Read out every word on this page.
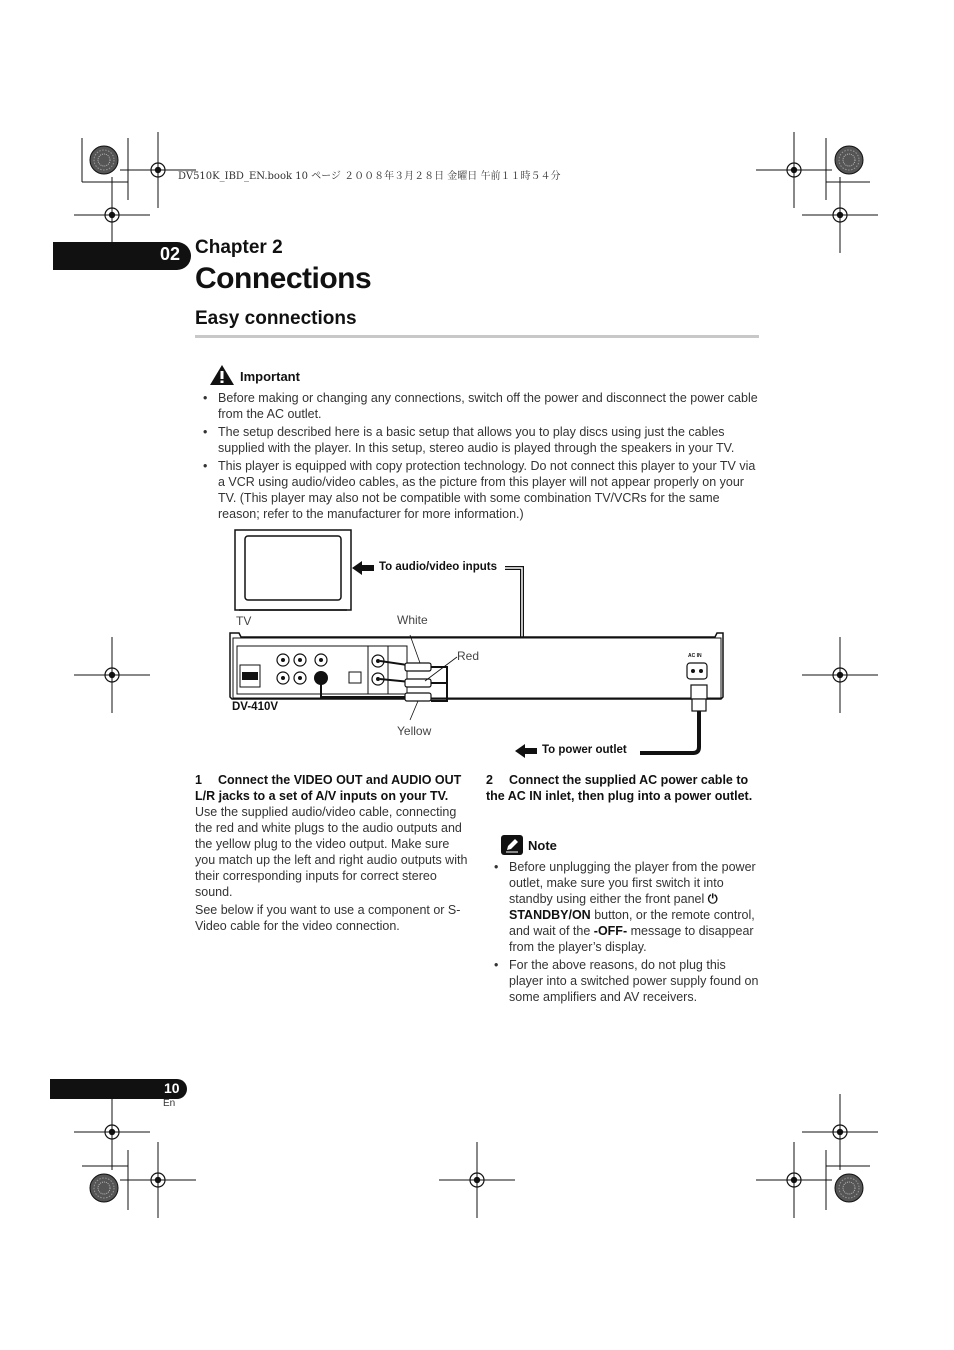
DV510K_IBD_EN.book 10 ページ ２００８年３月２８日 金曜日 午前１１時５４分
02 Chapter 2
Connections
Easy connections
Important
• Before making or changing any connections, switch off the power and disconnect the power cable from the AC outlet.
• The setup described here is a basic setup that allows you to play discs using just the cables supplied with the player. In this setup, stereo audio is played through the speakers in your TV.
• This player is equipped with copy protection technology. Do not connect this player to your TV via a VCR using audio/video cables, as the picture from this player will not appear properly on your TV. (This player may also not be compatible with some combination TV/VCRs for the same reason; refer to the manufacturer for more information.)
TV
To audio/video inputs
White
Red
DV-410V
Yellow
To power outlet
AC IN
1 Connect the VIDEO OUT and AUDIO OUT L/R jacks to a set of A/V inputs on your TV.

Use the supplied audio/video cable, connecting the red and white plugs to the audio outputs and the yellow plug to the video output. Make sure you match up the left and right audio outputs with their corresponding inputs for correct stereo sound.

See below if you want to use a component or S-Video cable for the video connection.

2 Connect the supplied AC power cable to the AC IN inlet, then plug into a power outlet.
Note
• Before unplugging the player from the power outlet, make sure you first switch it into standby using either the front panel ⏻ STANDBY/ON button, or the remote control, and wait of the -OFF- message to disappear from the player’s display.
• For the above reasons, do not plug this player into a switched power supply found on some amplifiers and AV receivers.
10
En
